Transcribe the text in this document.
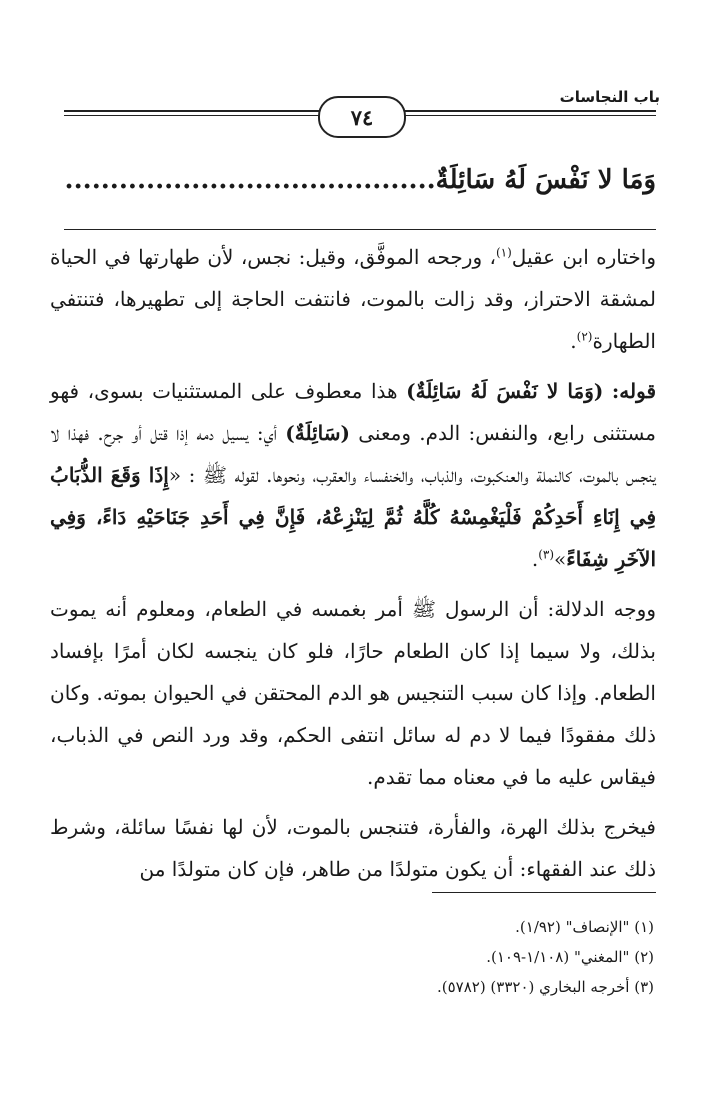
باب النجاسات
٧٤
وَمَا لا نَفْسَ لَهُ سَائِلَةٌ.........................................

واختاره ابن عقيل$^{(١)}$، ورجحه الموفَّق، وقيل: نجس، لأن طهارتها في الحياة لمشقة الاحتراز، وقد زالت بالموت، فانتفت الحاجة إلى تطهيرها، فتنتفي الطهارة$^{(٢)}$.

قوله: (وَمَا لا نَفْسَ لَهُ سَائِلَةٌ) هذا معطوف على المستثنيات بسوى، فهو مستثنى رابع، والنفس: الدم. ومعنى (سَائِلَةٌ) أي: يسيل دمه إذا قتل أو جرح. فهذا لا ينجس بالموت، كالنملة والعنكبوت، والذباب، والخنفساء والعقرب، ونحوها. لقوله ﷺ : «إِذَا وَقَعَ الذُّبَابُ فِي إِنَاءِ أَحَدِكُمْ فَلْيَغْمِسْهُ كُلَّهُ ثُمَّ لِيَنْزِعْهُ، فَإِنَّ فِي أَحَدِ جَنَاحَيْهِ دَاءً، وَفِي الآخَرِ شِفَاءً»$^{(٣)}$.

ووجه الدلالة: أن الرسول ﷺ أمر بغمسه في الطعام، ومعلوم أنه يموت بذلك، ولا سيما إذا كان الطعام حارًا، فلو كان ينجسه لكان أمرًا بإفساد الطعام. وإذا كان سبب التنجيس هو الدم المحتقن في الحيوان بموته. وكان ذلك مفقودًا فيما لا دم له سائل انتفى الحكم، وقد ورد النص في الذباب، فيقاس عليه ما في معناه مما تقدم.

فيخرج بذلك الهرة، والفأرة، فتنجس بالموت، لأن لها نفسًا سائلة، وشرط ذلك عند الفقهاء: أن يكون متولدًا من طاهر، فإن كان متولدًا من

(١) "الإنصاف" (١/٩٢).
(٢) "المغني" (١/١٠٨-١٠٩).
(٣) أخرجه البخاري (٣٣٢٠) (٥٧٨٢).
